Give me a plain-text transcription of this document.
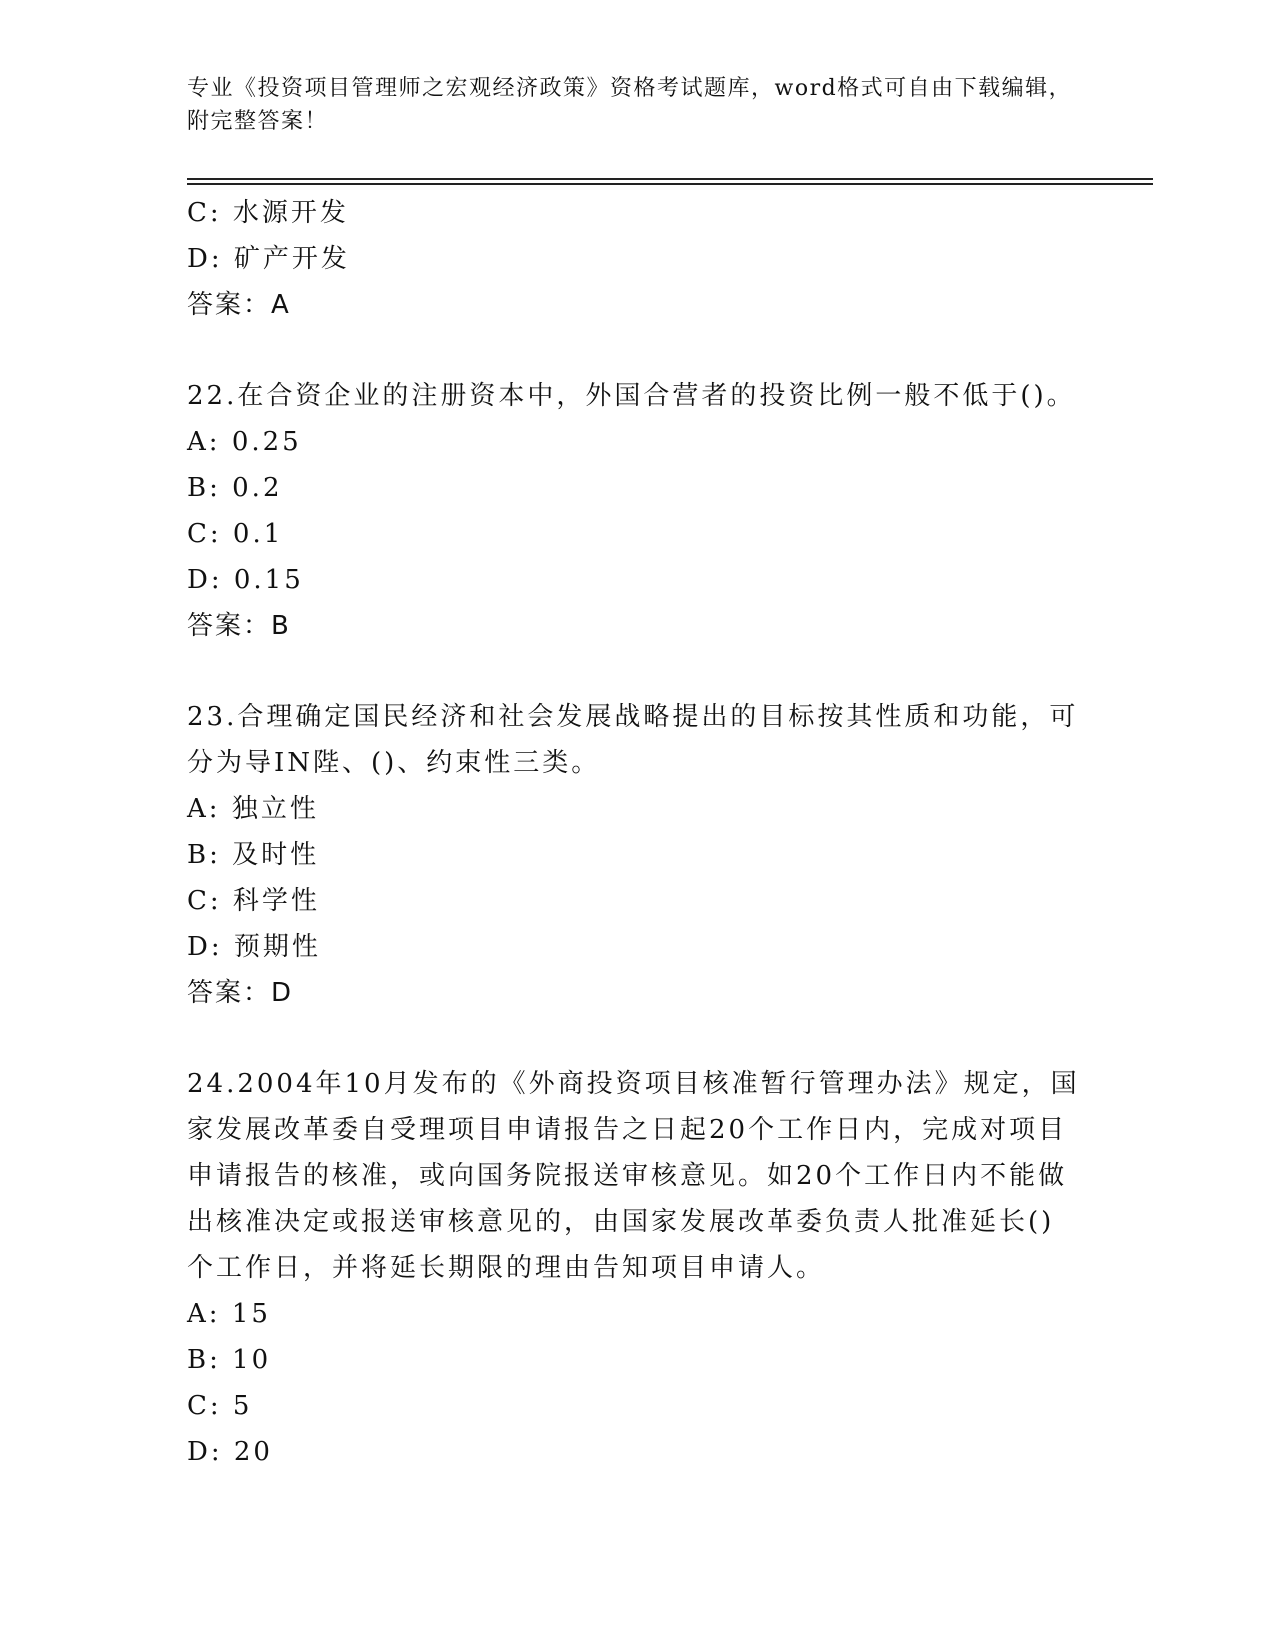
专业《投资项目管理师之宏观经济政策》资格考试题库，word格式可自由下载编辑，附完整答案！
C: 水源开发
D: 矿产开发
答案：A
22.在合资企业的注册资本中，外国合营者的投资比例一般不低于()。
A: 0.25
B: 0.2
C: 0.1
D: 0.15
答案：B
23.合理确定国民经济和社会发展战略提出的目标按其性质和功能，可
分为导IN陛、()、约束性三类。
A: 独立性
B: 及时性
C: 科学性
D: 预期性
答案：D
24.2004年10月发布的《外商投资项目核准暂行管理办法》规定，国
家发展改革委自受理项目申请报告之日起20个工作日内，完成对项目
申请报告的核准，或向国务院报送审核意见。如20个工作日内不能做
出核准决定或报送审核意见的，由国家发展改革委负责人批准延长()
个工作日，并将延长期限的理由告知项目申请人。
A: 15
B: 10
C: 5
D: 20
